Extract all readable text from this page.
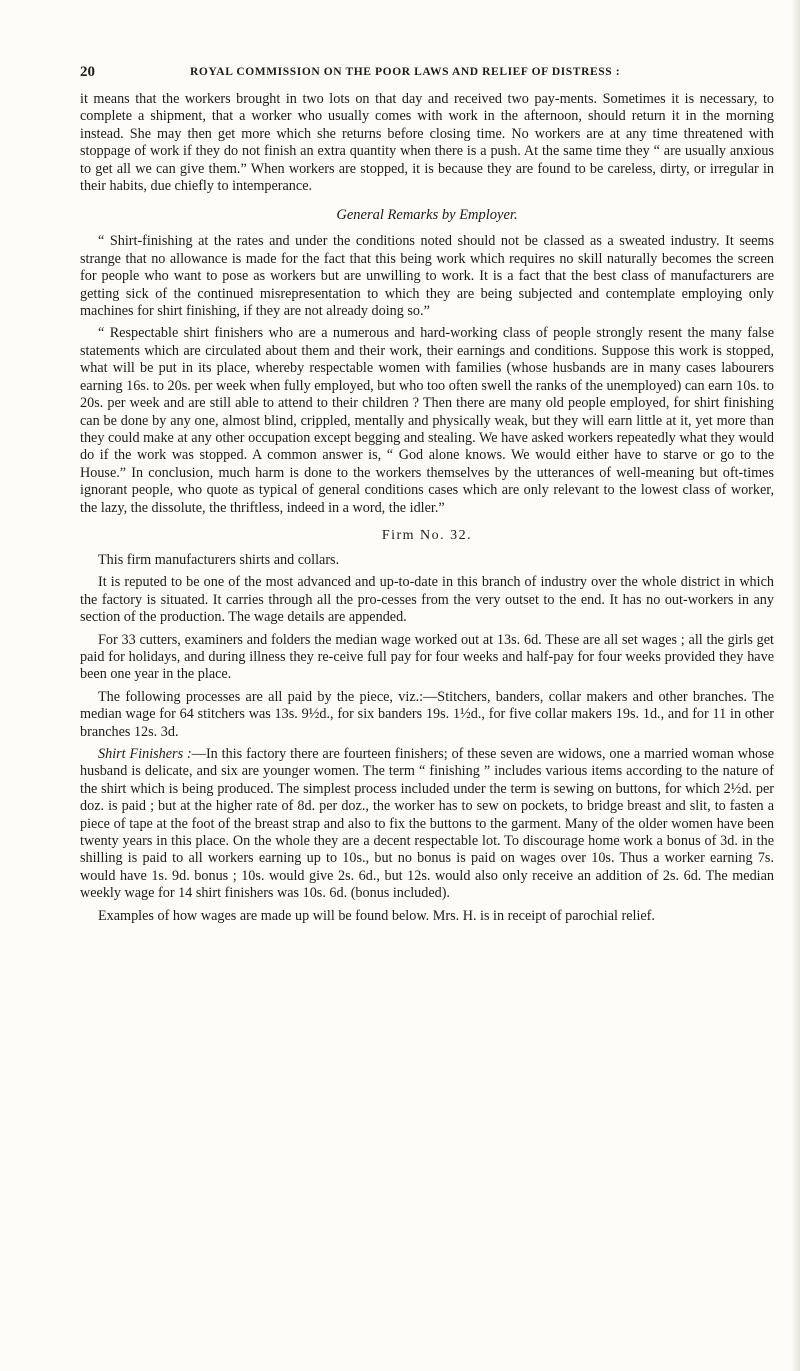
20	ROYAL COMMISSION ON THE POOR LAWS AND RELIEF OF DISTRESS :

it means that the workers brought in two lots on that day and received two pay-ments. Sometimes it is necessary, to complete a shipment, that a worker who usually comes with work in the afternoon, should return it in the morning instead. She may then get more which she returns before closing time. No workers are at any time threatened with stoppage of work if they do not finish an extra quantity when there is a push. At the same time they “ are usually anxious to get all we can give them.” When workers are stopped, it is because they are found to be careless, dirty, or irregular in their habits, due chiefly to intemperance.

General Remarks by Employer.

“ Shirt-finishing at the rates and under the conditions noted should not be classed as a sweated industry. It seems strange that no allowance is made for the fact that this being work which requires no skill naturally becomes the screen for people who want to pose as workers but are unwilling to work. It is a fact that the best class of manufacturers are getting sick of the continued misrepresentation to which they are being subjected and contemplate employing only machines for shirt finishing, if they are not already doing so.”

“ Respectable shirt finishers who are a numerous and hard-working class of people strongly resent the many false statements which are circulated about them and their work, their earnings and conditions. Suppose this work is stopped, what will be put in its place, whereby respectable women with families (whose husbands are in many cases labourers earning 16s. to 20s. per week when fully employed, but who too often swell the ranks of the unemployed) can earn 10s. to 20s. per week and are still able to attend to their children ? Then there are many old people employed, for shirt finishing can be done by any one, almost blind, crippled, mentally and physically weak, but they will earn little at it, yet more than they could make at any other occupation except begging and stealing. We have asked workers repeatedly what they would do if the work was stopped. A common answer is, “ God alone knows. We would either have to starve or go to the House.” In conclusion, much harm is done to the workers themselves by the utterances of well-meaning but oft-times ignorant people, who quote as typical of general conditions cases which are only relevant to the lowest class of worker, the lazy, the dissolute, the thriftless, indeed in a word, the idler.”

Firm No. 32.

This firm manufacturers shirts and collars.

It is reputed to be one of the most advanced and up-to-date in this branch of industry over the whole district in which the factory is situated. It carries through all the pro-cesses from the very outset to the end. It has no out-workers in any section of the production. The wage details are appended.

For 33 cutters, examiners and folders the median wage worked out at 13s. 6d. These are all set wages ; all the girls get paid for holidays, and during illness they re-ceive full pay for four weeks and half-pay for four weeks provided they have been one year in the place.

The following processes are all paid by the piece, viz.:—Stitchers, banders, collar makers and other branches. The median wage for 64 stitchers was 13s. 9½d., for six banders 19s. 1½d., for five collar makers 19s. 1d., and for 11 in other branches 12s. 3d.

Shirt Finishers :—In this factory there are fourteen finishers; of these seven are widows, one a married woman whose husband is delicate, and six are younger women. The term “ finishing ” includes various items according to the nature of the shirt which is being produced. The simplest process included under the term is sewing on buttons, for which 2½d. per doz. is paid ; but at the higher rate of 8d. per doz., the worker has to sew on pockets, to bridge breast and slit, to fasten a piece of tape at the foot of the breast strap and also to fix the buttons to the garment. Many of the older women have been twenty years in this place. On the whole they are a decent respectable lot. To discourage home work a bonus of 3d. in the shilling is paid to all workers earning up to 10s., but no bonus is paid on wages over 10s. Thus a worker earning 7s. would have 1s. 9d. bonus ; 10s. would give 2s. 6d., but 12s. would also only receive an addition of 2s. 6d. The median weekly wage for 14 shirt finishers was 10s. 6d. (bonus included).

Examples of how wages are made up will be found below. Mrs. H. is in receipt of parochial relief.
